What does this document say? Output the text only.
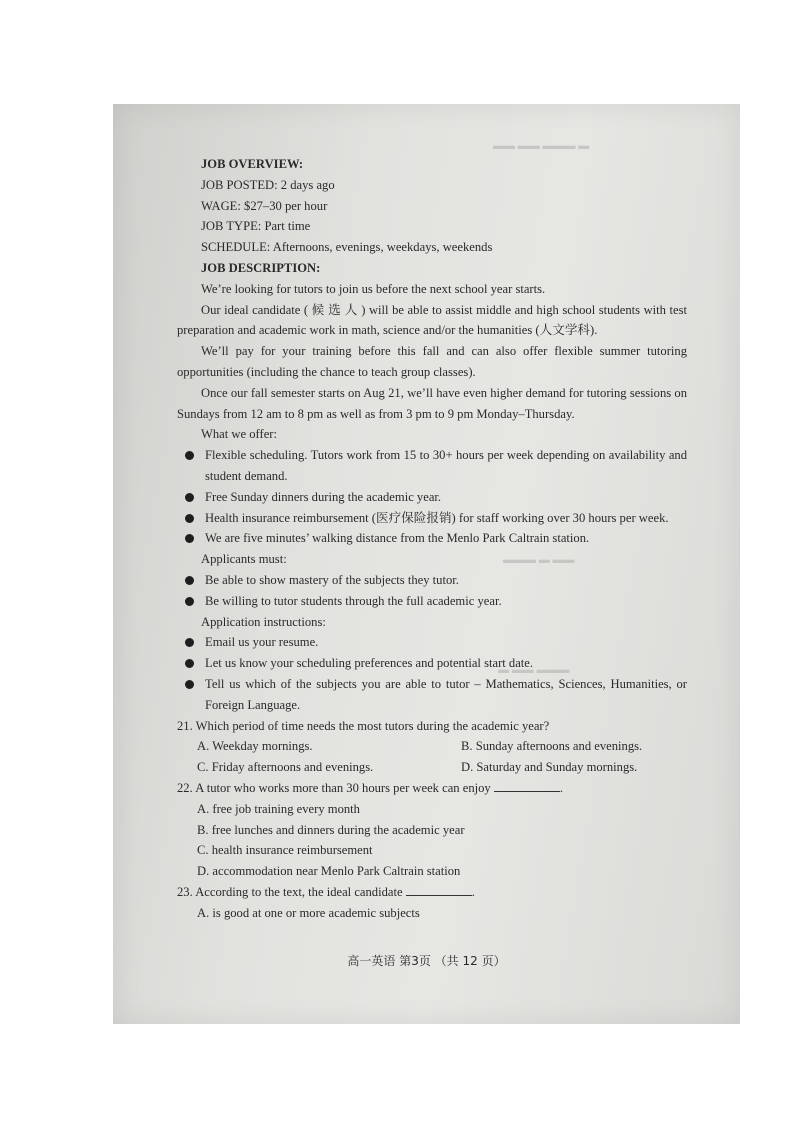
▬ ▬▬▬ ▬▬ ▬▬
▬▬ ▬ ▬▬▬
▬▬▬ ▬▬ ▬
JOB OVERVIEW:
JOB POSTED: 2 days ago
WAGE: $27–30 per hour
JOB TYPE: Part time
SCHEDULE: Afternoons, evenings, weekdays, weekends
JOB DESCRIPTION:
We’re looking for tutors to join us before the next school year starts.
Our ideal candidate ( 候 选 人 ) will be able to assist middle and high school students with test preparation and academic work in math, science and/or the humanities (人文学科).
We’ll pay for your training before this fall and can also offer flexible summer tutoring opportunities (including the chance to teach group classes).
Once our fall semester starts on Aug 21, we’ll have even higher demand for tutoring sessions on Sundays from 12 am to 8 pm as well as from 3 pm to 9 pm Monday–Thursday.
What we offer:
Flexible scheduling. Tutors work from 15 to 30+ hours per week depending on availability and student demand.
Free Sunday dinners during the academic year.
Health insurance reimbursement (医疗保险报销) for staff working over 30 hours per week.
We are five minutes’ walking distance from the Menlo Park Caltrain station.
Applicants must:
Be able to show mastery of the subjects they tutor.
Be willing to tutor students through the full academic year.
Application instructions:
Email us your resume.
Let us know your scheduling preferences and potential start date.
Tell us which of the subjects you are able to tutor – Mathematics, Sciences, Humanities, or Foreign Language.
21. Which period of time needs the most tutors during the academic year?
A. Weekday mornings.	B. Sunday afternoons and evenings.
C. Friday afternoons and evenings.	D. Saturday and Sunday mornings.
22. A tutor who works more than 30 hours per week can enjoy	.
A. free job training every month
B. free lunches and dinners during the academic year
C. health insurance reimbursement
D. accommodation near Menlo Park Caltrain station
23. According to the text, the ideal candidate	.
A. is good at one or more academic subjects
高一英语 第3页 （共 12 页）
